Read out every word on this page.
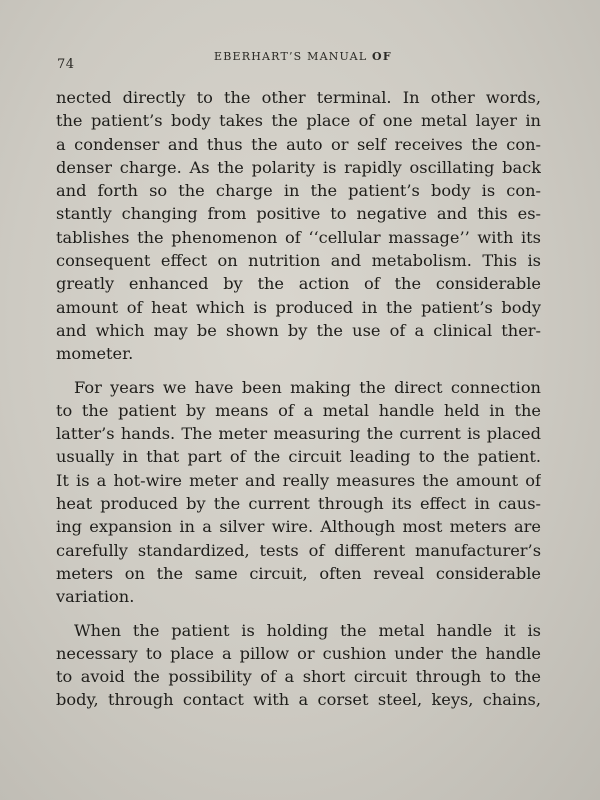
74
EBERHART’S MANUAL OF
nected directly to the other terminal. In other words,
the patient’s body takes the place of one metal layer in
a condenser and thus the auto or self receives the con-
denser charge. As the polarity is rapidly oscillating back
and forth so the charge in the patient’s body is con-
stantly changing from positive to negative and this es-
tablishes the phenomenon of ‘‘cellular massage’’ with its
consequent effect on nutrition and metabolism. This is
greatly enhanced by the action of the considerable
amount of heat which is produced in the patient’s body
and which may be shown by the use of a clinical ther-
mometer.
For years we have been making the direct connection
to the patient by means of a metal handle held in the
latter’s hands. The meter measuring the current is placed
usually in that part of the circuit leading to the patient.
It is a hot-wire meter and really measures the amount of
heat produced by the current through its effect in caus-
ing expansion in a silver wire. Although most meters are
carefully standardized, tests of different manufacturer’s
meters on the same circuit, often reveal considerable
variation.
When the patient is holding the metal handle it is
necessary to place a pillow or cushion under the handle
to avoid the possibility of a short circuit through to the
body, through contact with a corset steel, keys, chains,
